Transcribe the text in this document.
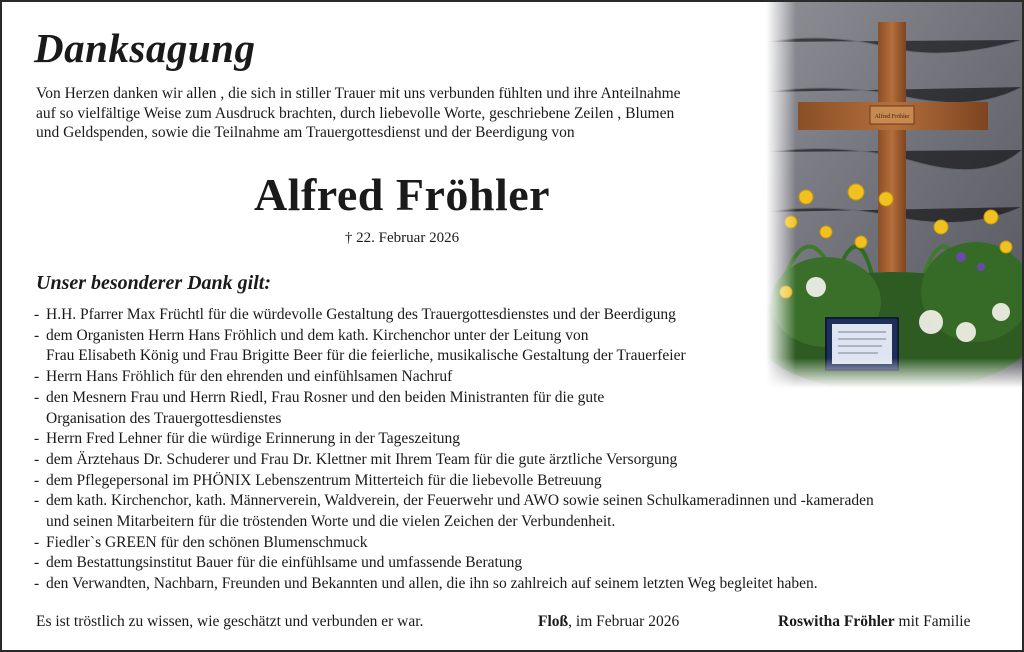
Danksagung
Von Herzen danken wir allen , die sich in stiller Trauer mit uns verbunden fühlten und ihre Anteilnahme
auf so vielfältige Weise zum Ausdruck brachten, durch liebevolle Worte, geschriebene Zeilen , Blumen
und Geldspenden, sowie die Teilnahme am Trauergottesdienst und der Beerdigung von
Alfred Fröhler
† 22. Februar 2026
Unser besonderer Dank gilt:
- H.H. Pfarrer Max Früchtl für die würdevolle Gestaltung des Trauergottesdienstes und der Beerdigung
- dem Organisten Herrn Hans Fröhlich und dem kath. Kirchenchor unter der Leitung von
Frau Elisabeth König und Frau Brigitte Beer für die feierliche, musikalische Gestaltung der Trauerfeier
- Herrn Hans Fröhlich für den ehrenden und einfühlsamen Nachruf
- den Mesnern Frau und Herrn Riedl, Frau Rosner und den beiden Ministranten für die gute
Organisation des Trauergottesdienstes
- Herrn Fred Lehner für die würdige Erinnerung in der Tageszeitung
- dem Ärztehaus Dr. Schuderer und Frau Dr. Klettner mit Ihrem Team für die gute ärztliche Versorgung
- dem Pflegepersonal im PHÖNIX Lebenszentrum Mitterteich für die liebevolle Betreuung
- dem kath. Kirchenchor, kath. Männerverein, Waldverein, der Feuerwehr und AWO sowie seinen Schulkameradinnen und -kameraden
und seinen Mitarbeitern für die tröstenden Worte und die vielen Zeichen der Verbundenheit.
- Fiedler`s GREEN für den schönen Blumenschmuck
- dem Bestattungsinstitut Bauer für die einfühlsame und umfassende Beratung
- den Verwandten, Nachbarn, Freunden und Bekannten und allen, die ihn so zahlreich auf seinem letzten Weg begleitet haben.
Es ist tröstlich zu wissen, wie geschätzt und verbunden er war.	Floß, im Februar 2026	Roswitha Fröhler mit Familie
Alfred Fröhler
